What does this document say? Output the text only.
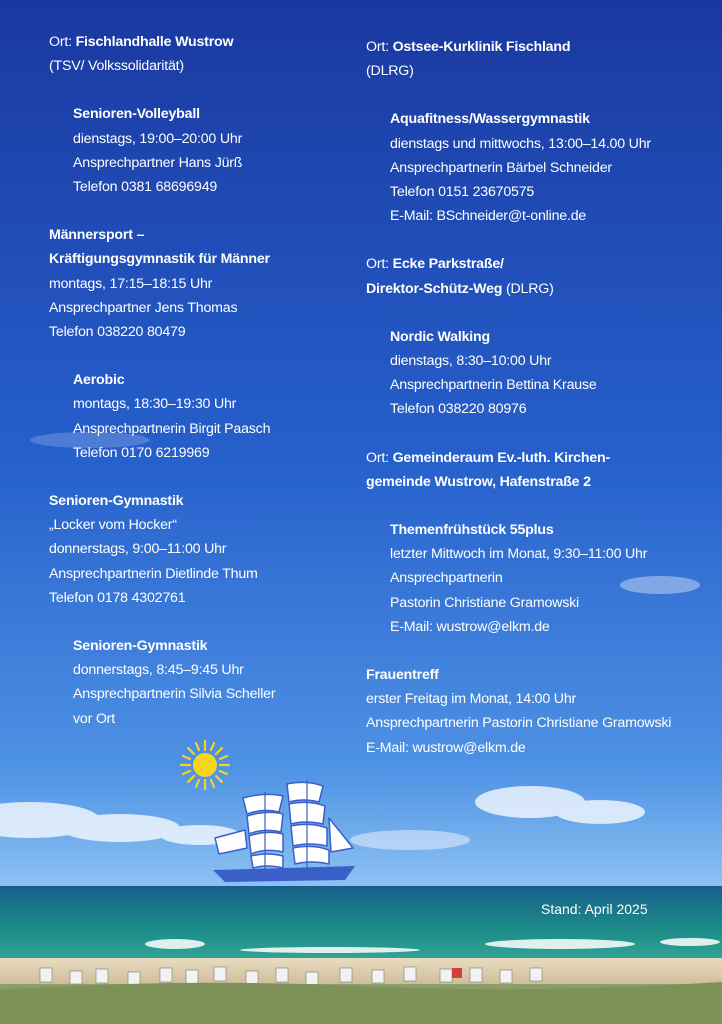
Ort: Fischlandhalle Wustrow
(TSV/ Volkssolidarität)
Senioren-Volleyball
dienstags, 19:00–20:00 Uhr
Ansprechpartner Hans Jürß
Telefon 0381 68696949
Männersport –
Kräftigungsgymnastik für Männer
montags, 17:15–18:15 Uhr
Ansprechpartner Jens Thomas
Telefon 038220 80479
Aerobic
montags, 18:30–19:30 Uhr
Ansprechpartnerin Birgit Paasch
Telefon 0170 6219969
Senioren-Gymnastik
„Locker vom Hocker“
donnerstags, 9:00–11:00 Uhr
Ansprechpartnerin Dietlinde Thum
Telefon 0178 4302761
Senioren-Gymnastik
donnerstags, 8:45–9:45 Uhr
Ansprechpartnerin Silvia Scheller
vor Ort
Ort: Ostsee-Kurklinik Fischland
(DLRG)
Aquafitness/Wassergymnastik
dienstags und mittwochs, 13:00–14.00 Uhr
Ansprechpartnerin Bärbel Schneider
Telefon 0151 23670575
E-Mail: BSchneider@t-online.de
Ort: Ecke Parkstraße/
Direktor-Schütz-Weg (DLRG)
Nordic Walking
dienstags, 8:30–10:00 Uhr
Ansprechpartnerin Bettina Krause
Telefon 038220 80976
Ort: Gemeinderaum Ev.-luth. Kirchen-
gemeinde Wustrow, Hafenstraße 2
Themenfrühstück 55plus
letzter Mittwoch im Monat, 9:30–11:00 Uhr
Ansprechpartnerin
Pastorin Christiane Gramowski
E-Mail: wustrow@elkm.de
Frauentreff
erster Freitag im Monat, 14:00 Uhr
Ansprechpartnerin Pastorin Christiane Gramowski
E-Mail: wustrow@elkm.de
Stand: April 2025
